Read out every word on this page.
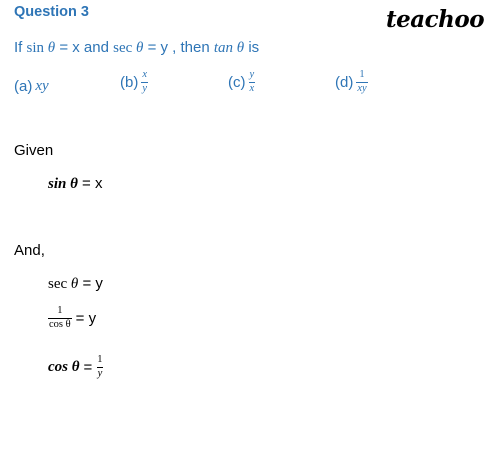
Question 3	teachoo
If sin θ = x and sec θ = y , then tan θ is
(a) xy	$(b) \frac{x}{y}$	$(c) \frac{y}{x}$	$(d) \frac{1}{xy}$
Given
sin θ = x
And,
sec θ = y
$\frac{1}{\text{cos θ}} = y$
$\cos \theta = \frac{1}{y}$
